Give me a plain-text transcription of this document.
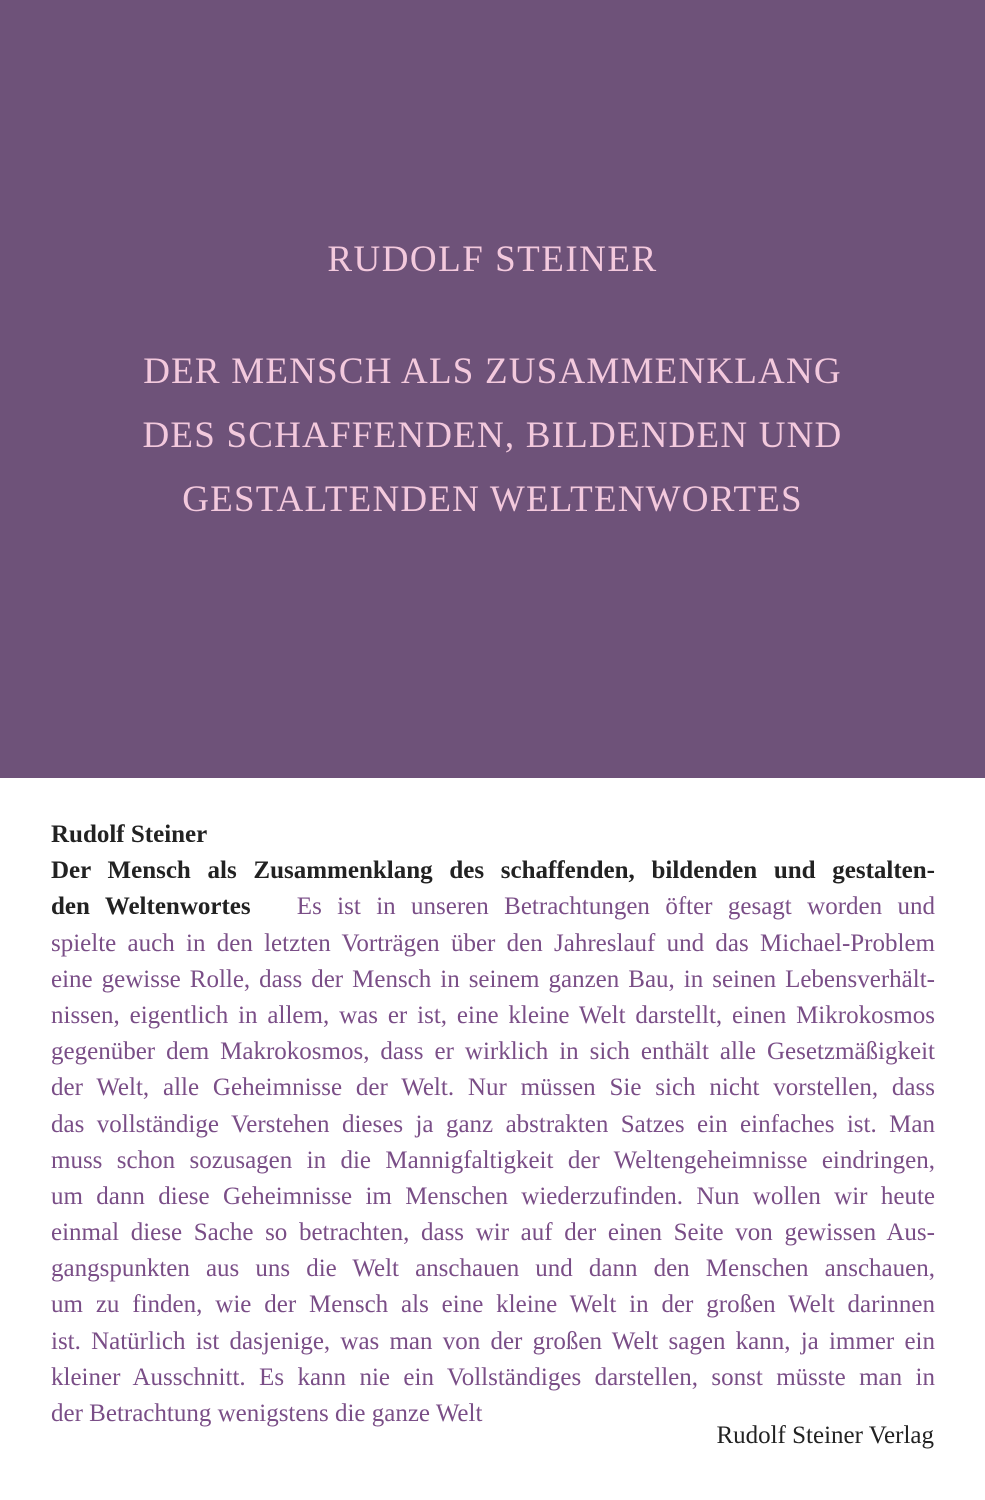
RUDOLF STEINER
DER MENSCH ALS ZUSAMMENKLANG
DES SCHAFFENDEN, BILDENDEN UND
GESTALTENDEN WELTENWORTES
Rudolf Steiner
Der Mensch als Zusammenklang des schaffenden, bildenden und gestalten-
den Weltenwortes Es ist in unseren Betrachtungen öfter gesagt worden und
spielte auch in den letzten Vorträgen über den Jahreslauf und das Michael-Problem
eine gewisse Rolle, dass der Mensch in seinem ganzen Bau, in seinen Lebensverhält-
nissen, eigentlich in allem, was er ist, eine kleine Welt darstellt, einen Mikrokosmos
gegenüber dem Makrokosmos, dass er wirklich in sich enthält alle Gesetzmäßigkeit
der Welt, alle Geheimnisse der Welt. Nur müssen Sie sich nicht vorstellen, dass
das vollständige Verstehen dieses ja ganz abstrakten Satzes ein einfaches ist. Man
muss schon sozusagen in die Mannigfaltigkeit der Weltengeheimnisse eindringen,
um dann diese Geheimnisse im Menschen wiederzufinden. Nun wollen wir heute
einmal diese Sache so betrachten, dass wir auf der einen Seite von gewissen Aus-
gangspunkten aus uns die Welt anschauen und dann den Menschen anschauen,
um zu finden, wie der Mensch als eine kleine Welt in der großen Welt darinnen
ist. Natürlich ist dasjenige, was man von der großen Welt sagen kann, ja immer ein
kleiner Ausschnitt. Es kann nie ein Vollständiges darstellen, sonst müsste man in
der Betrachtung wenigstens die ganze Welt
Rudolf Steiner Verlag
